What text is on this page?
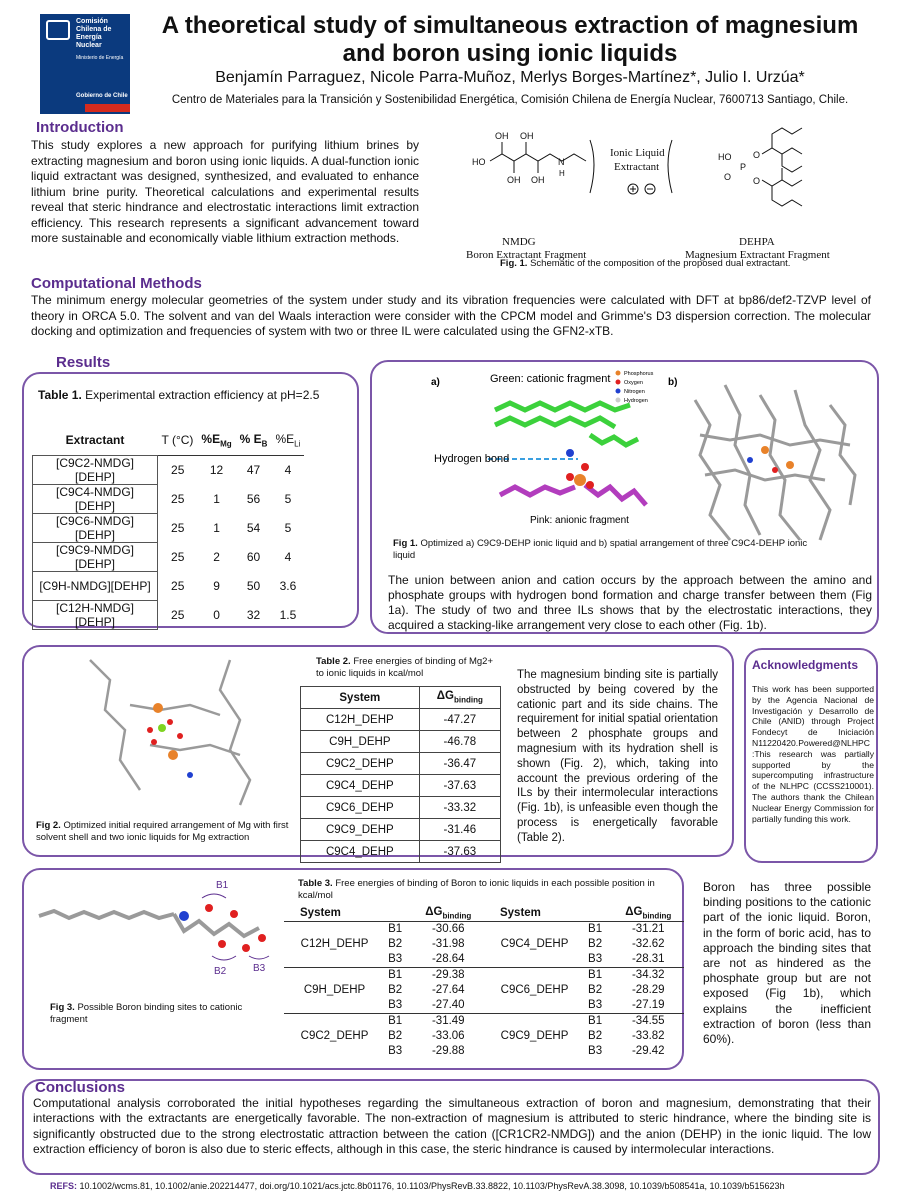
Comisión
Chilena de
Energía Nuclear
Ministerio de Energía
Gobierno de Chile
A theoretical study of simultaneous extraction of magnesium and boron using ionic liquids
Benjamín Parraguez, Nicole Parra-Muñoz, Merlys Borges-Martínez*, Julio I. Urzúa*
Centro de Materiales para la Transición y Sostenibilidad Energética, Comisión Chilena de Energía Nuclear, 7600713 Santiago, Chile.
Introduction
This study explores a new approach for purifying lithium brines by extracting magnesium and boron using ionic liquids. A dual-function ionic liquid extractant was designed, synthesized, and evaluated to enhance lithium brine purity. Theoretical calculations and experimental results reveal that steric hindrance and electrostatic interactions limit extraction efficiency. This research represents a significant advancement toward more sustainable and economically viable lithium extraction methods.
HO
OH OH
OH OH
N
H
Ionic Liquid
Extractant
HO
P
O
O
O
NMDG
Boron Extractant Fragment
DEHPA
Magnesium Extractant Fragment
Fig. 1. Schematic of the composition of the proposed dual extractant.
Computational Methods
The minimum energy molecular geometries of the system under study and its vibration frequencies were calculated with DFT at bp86/def2-TZVP level of theory in ORCA 5.0. The solvent and van del Waals interaction were consider with the CPCM model and Grimme's D3 dispersion correction. The molecular docking and optimization and frequencies of system with two or three IL were calculated using the GFN2-xTB.
Results
Table 1. Experimental extraction efficiency at pH=2.5
Extractant	T (°C)	$\%E_{Mg}$	% $E_B$	$\%E_{Li}$
[C9C2-NMDG][DEHP]	25	12	47	4
[C9C4-NMDG][DEHP]	25	1	56	5
[C9C6-NMDG][DEHP]	25	1	54	5
[C9C9-NMDG][DEHP]	25	2	60	4
[C9H-NMDG][DEHP]	25	9	50	3.6
[C12H-NMDG][DEHP]	25	0	32	1.5
a)	b)
Green: cationic fragment Phosphorus
Oxygen
Nitrogen
Hydrogen
Hydrogen bond
Pink: anionic fragment
Fig 1. Optimized a) C9C9-DEHP ionic liquid and b) spatial arrangement of three C9C4-DEHP ionic liquid
The union between anion and cation occurs by the approach between the amino and phosphate groups with hydrogen bond formation and charge transfer between them (Fig 1a). The study of two and three ILs shows that by the electrostatic interactions, they acquired a stacking-like arrangement very close to each other (Fig. 1b).
Fig 2. Optimized initial required arrangement of Mg with first solvent shell and two ionic liquids for Mg extraction
Table 2. Free energies of binding of Mg2+ to ionic liquids in kcal/mol
System	$\Delta G_{binding}$
C12H_DEHP	-47.27
C9H_DEHP	-46.78
C9C2_DEHP	-36.47
C9C4_DEHP	-37.63
C9C6_DEHP	-33.32
C9C9_DEHP	-31.46
C9C4_DEHP	-37.63
The magnesium binding site is partially obstructed by being covered by the cationic part and its side chains. The requirement for initial spatial orientation between 2 phosphate groups and magnesium with its hydration shell is shown (Fig. 2), which, taking into account the previous ordering of the ILs by their intermolecular interactions (Fig. 1b), is unfeasible even though the process is energetically favorable (Table 2).
Acknowledgments
This work has been supported by the Agencia Nacional de Investigación y Desarrollo de Chile (ANID) through Project Fondecyt de Iniciación N11220420.Powered@NLHPC :This research was partially supported by the supercomputing infrastructure of the NLHPC (CCSS210001). The authors thank the Chilean Nuclear Energy Commission for partially funding this work.
B1
B2	B3
Fig 3. Possible Boron binding sites to cationic fragment
Table 3. Free energies of binding of Boron to ionic liquids in each possible position in kcal/mol
System		$\Delta G_{binding}$	System		$\Delta G_{binding}$
	B1	-30.66		B1	-31.21
C12H_DEHP	B2	-31.98	C9C4_DEHP	B2	-32.62
	B3	-28.64		B3	-28.31
	B1	-29.38		B1	-34.32
C9H_DEHP	B2	-27.64	C9C6_DEHP	B2	-28.29
	B3	-27.40		B3	-27.19
	B1	-31.49		B1	-34.55
C9C2_DEHP	B2	-33.06	C9C9_DEHP	B2	-33.82
	B3	-29.88		B3	-29.42
Boron has three possible binding positions to the cationic part of the ionic liquid. Boron, in the form of boric acid, has to approach the binding sites that are not as hindered as the phosphate group but are not exposed (Fig 1b), which explains the inefficient extraction of boron (less than 60%).
Conclusions
Computational analysis corroborated the initial hypotheses regarding the simultaneous extraction of boron and magnesium, demonstrating that their interactions with the extractants are energetically favorable. The non-extraction of magnesium is attributed to steric hindrance, where the binding site is significantly obstructed due to the strong electrostatic attraction between the cation ([CR1CR2-NMDG]) and the anion (DEHP) in the ionic liquid. The low extraction efficiency of boron is also due to steric effects, although in this case, the steric hindrance is caused by intermolecular interactions.
REFS: 10.1002/wcms.81, 10.1002/anie.202214477, doi.org/10.1021/acs.jctc.8b01176, 10.1103/PhysRevB.33.8822, 10.1103/PhysRevA.38.3098, 10.1039/b508541a, 10.1039/b515623h
